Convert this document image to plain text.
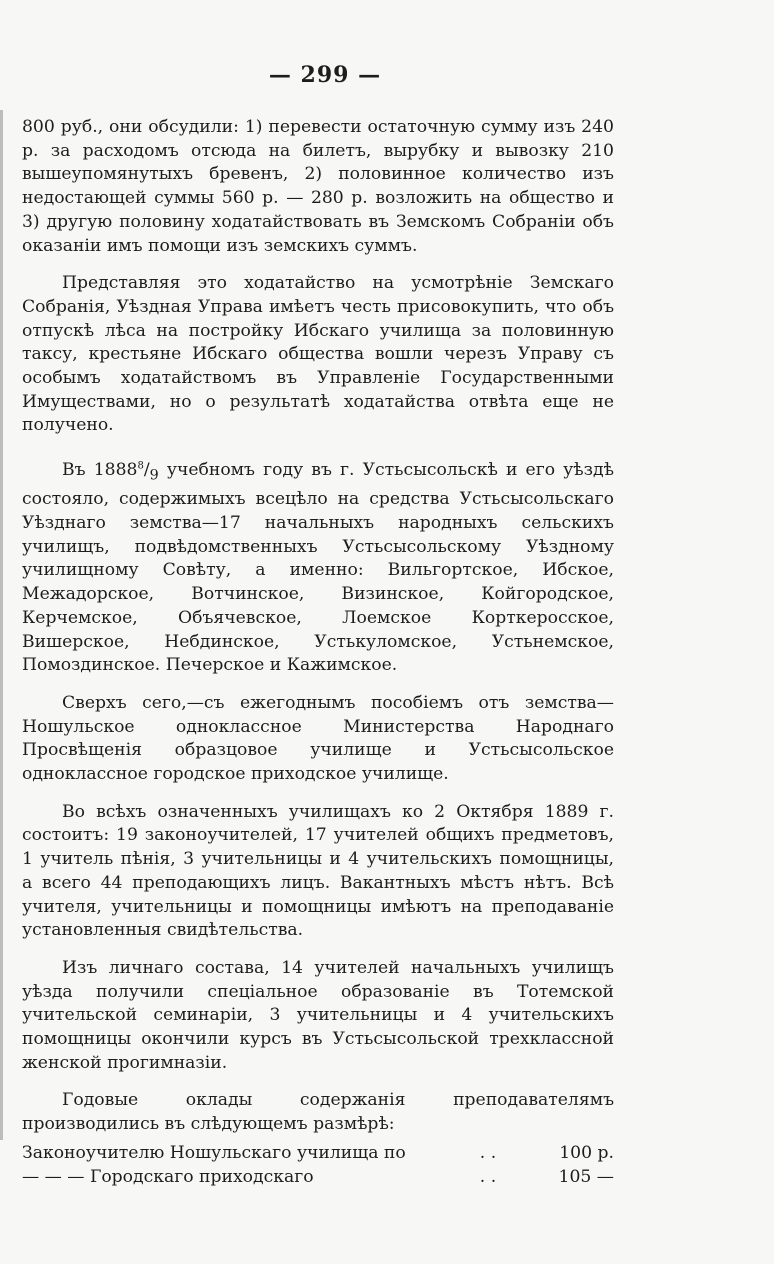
— 299 —

800 руб., они обсудили: 1) перевести остаточную сумму изъ 240 р. за расходомъ отсюда на билетъ, вырубку и вывозку 210 вышеупомянутыхъ бревенъ, 2) половинное количество изъ недостающей суммы 560 р. — 280 р. возложить на общество и 3) другую половину ходатайствовать въ Земскомъ Собраніи объ оказаніи имъ помощи изъ земскихъ суммъ.

Представляя это ходатайство на усмотрѣніе Земскаго Собранія, Уѣздная Управа имѣетъ честь присовокупить, что объ отпускѣ лѣса на постройку Ибскаго училища за половинную таксу, крестьяне Ибскаго общества вошли черезъ Управу съ особымъ ходатайствомъ въ Управленіе Государственными Имуществами, но о результатѣ ходатайства отвѣта еще не получено.

Въ $1888^8/_9$ учебномъ году въ г. Устьсысольскѣ и его уѣздѣ состояло, содержимыхъ всецѣло на средства Устьсысольскаго Уѣзднаго земства—17 начальныхъ народныхъ сельскихъ училищъ, подвѣдомственныхъ Устьсысольскому Уѣздному училищному Совѣту, а именно: Вильгортское, Ибское, Межадорское, Вотчинское, Визинское, Койгородское, Керчемское, Объячевское, Лоемское Корткеросское, Вишерское, Небдинское, Устькуломское, Устьнемское, Помоздинское. Печерское и Кажимское.

Сверхъ сего,—съ ежегоднымъ пособіемъ отъ земства— Ношульское одноклассное Министерства Народнаго Просвѣщенія образцовое училище и Устьсысольское одноклассное городское приходское училище.

Во всѣхъ означенныхъ училищахъ ко 2 Октября 1889 г. состоитъ: 19 законоучителей, 17 учителей общихъ предметовъ, 1 учитель пѣнія, 3 учительницы и 4 учительскихъ помощницы, а всего 44 преподающихъ лицъ. Вакантныхъ мѣстъ нѣтъ. Всѣ учителя, учительницы и помощницы имѣютъ на преподаваніе установленныя свидѣтельства.

Изъ личнаго состава, 14 учителей начальныхъ училищъ уѣзда получили спеціальное образованіе въ Тотемской учительской семинаріи, 3 учительницы и 4 учительскихъ помощницы окончили курсъ въ Устьсысольской трехклассной женской прогимназіи.

Годовые оклады содержанія преподавателямъ производились въ слѣдующемъ размѣрѣ:

Законоучителю Ношульскаго училища по	. .	100 р.
— — — Городскаго приходскаго	. .	105 —
